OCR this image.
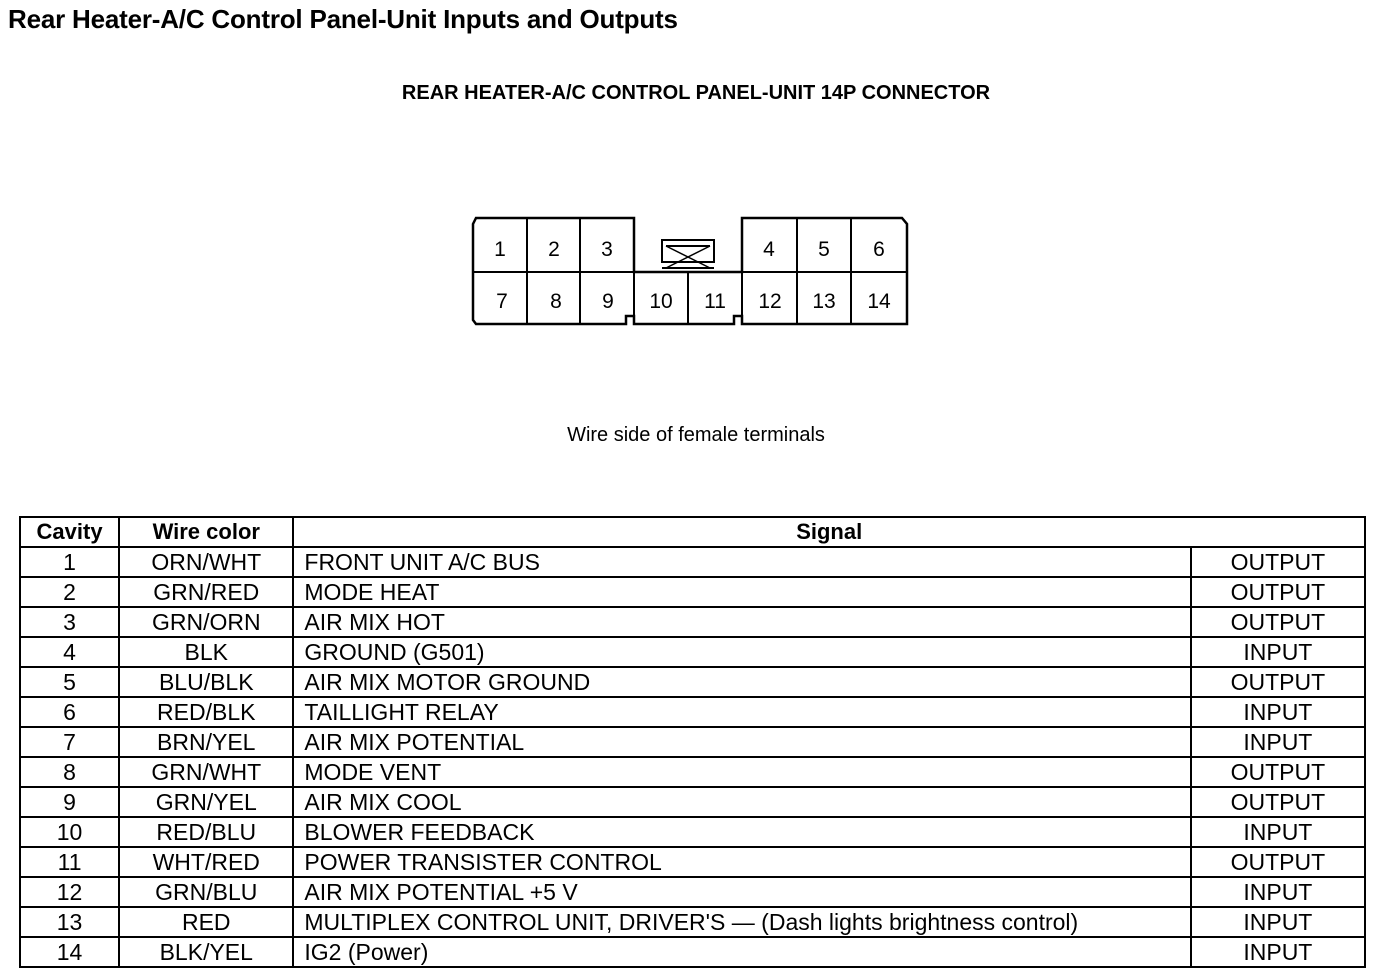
Rear Heater-A/C Control Panel-Unit Inputs and Outputs
REAR HEATER-A/C CONTROL PANEL-UNIT 14P CONNECTOR
1 2 3	4 5 6
7 8 9 10 11 12 13 14
Wire side of female terminals
Cavity	Wire color	Signal	
1	ORN/WHT	FRONT UNIT A/C BUS	OUTPUT
2	GRN/RED	MODE HEAT	OUTPUT
3	GRN/ORN	AIR MIX HOT	OUTPUT
4	BLK	GROUND (G501)	INPUT
5	BLU/BLK	AIR MIX MOTOR GROUND	OUTPUT
6	RED/BLK	TAILLIGHT RELAY	INPUT
7	BRN/YEL	AIR MIX POTENTIAL	INPUT
8	GRN/WHT	MODE VENT	OUTPUT
9	GRN/YEL	AIR MIX COOL	OUTPUT
10	RED/BLU	BLOWER FEEDBACK	INPUT
11	WHT/RED	POWER TRANSISTER CONTROL	OUTPUT
12	GRN/BLU	AIR MIX POTENTIAL +5 V	INPUT
13	RED	MULTIPLEX CONTROL UNIT, DRIVER'S — (Dash lights brightness control)	INPUT
14	BLK/YEL	IG2 (Power)	INPUT
